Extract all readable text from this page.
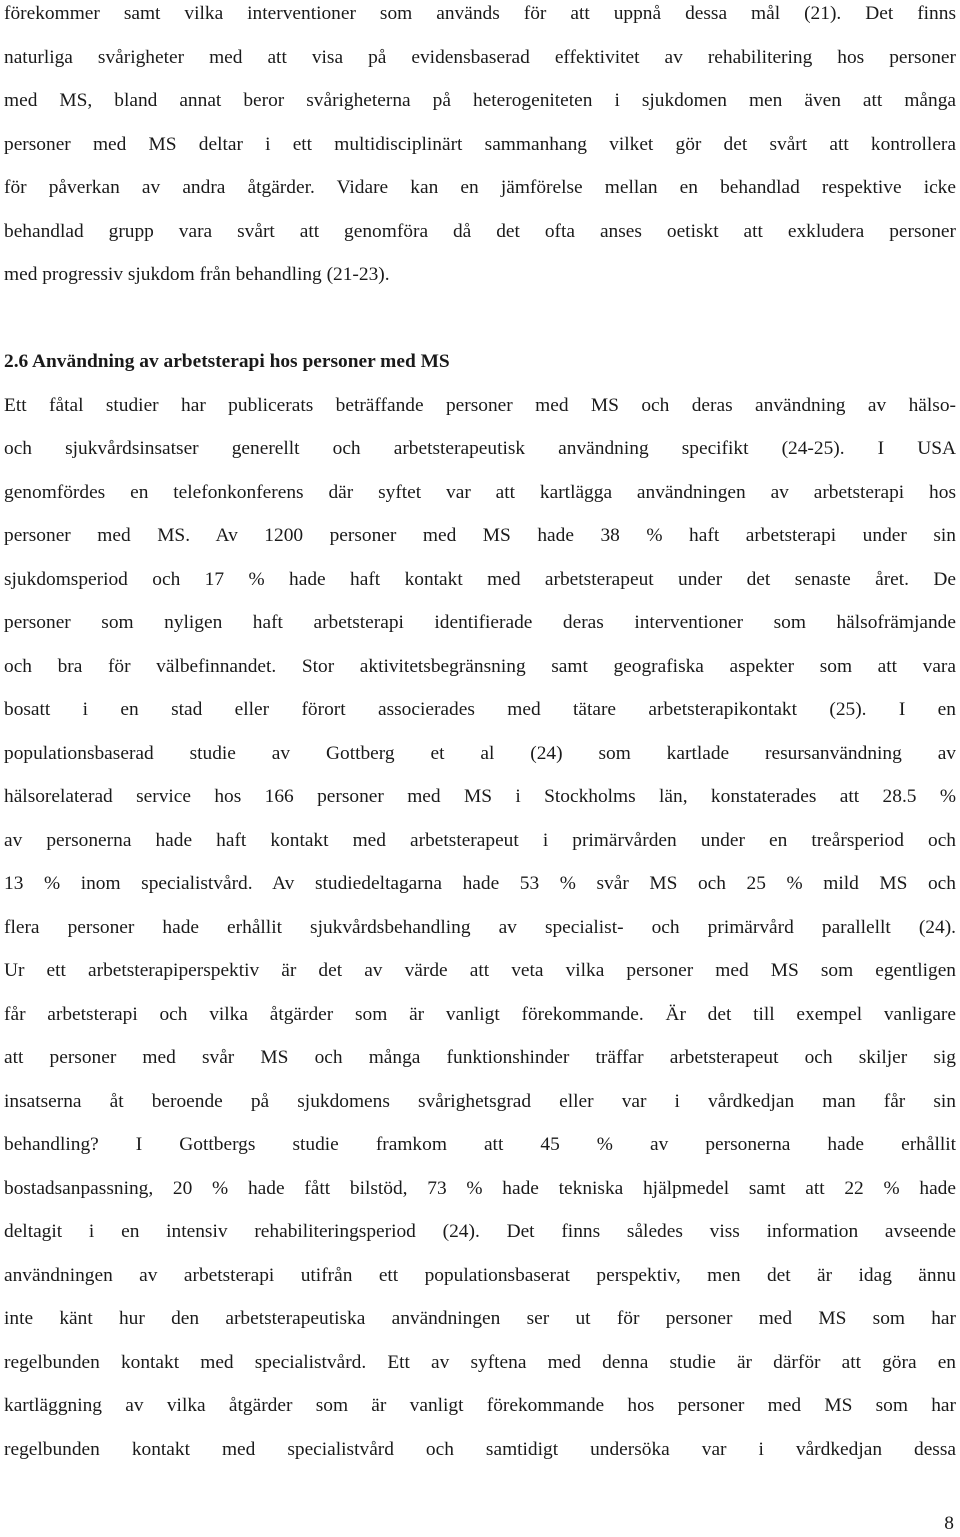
förekommer samt vilka interventioner som används för att uppnå dessa mål (21). Det finns
naturliga svårigheter med att visa på evidensbaserad effektivitet av rehabilitering hos personer
med MS, bland annat beror svårigheterna på heterogeniteten i sjukdomen men även att många
personer med MS deltar i ett multidisciplinärt sammanhang vilket gör det svårt att kontrollera
för påverkan av andra åtgärder. Vidare kan en jämförelse mellan en behandlad respektive icke
behandlad grupp vara svårt att genomföra då det ofta anses oetiskt att exkludera personer
med progressiv sjukdom från behandling (21-23).
2.6 Användning av arbetsterapi hos personer med MS
Ett fåtal studier har publicerats beträffande personer med MS och deras användning av hälso-
och sjukvårdsinsatser generellt och arbetsterapeutisk användning specifikt (24-25). I USA
genomfördes en telefonkonferens där syftet var att kartlägga användningen av arbetsterapi hos
personer med MS. Av 1200 personer med MS hade 38 % haft arbetsterapi under sin
sjukdomsperiod och 17 % hade haft kontakt med arbetsterapeut under det senaste året. De
personer som nyligen haft arbetsterapi identifierade deras interventioner som hälsofrämjande
och bra för välbefinnandet. Stor aktivitetsbegränsning samt geografiska aspekter som att vara
bosatt i en stad eller förort associerades med tätare arbetsterapikontakt (25). I en
populationsbaserad studie av Gottberg et al (24) som kartlade resursanvändning av
hälsorelaterad service hos 166 personer med MS i Stockholms län, konstaterades att 28.5 %
av personerna hade haft kontakt med arbetsterapeut i primärvården under en treårsperiod och
13 % inom specialistvård. Av studiedeltagarna hade 53 % svår MS och 25 % mild MS och
flera personer hade erhållit sjukvårdsbehandling av specialist- och primärvård parallellt (24).
Ur ett arbetsterapiperspektiv är det av värde att veta vilka personer med MS som egentligen
får arbetsterapi och vilka åtgärder som är vanligt förekommande. Är det till exempel vanligare
att personer med svår MS och många funktionshinder träffar arbetsterapeut och skiljer sig
insatserna åt beroende på sjukdomens svårighetsgrad eller var i vårdkedjan man får sin
behandling? I Gottbergs studie framkom att 45 % av personerna hade erhållit
bostadsanpassning, 20 % hade fått bilstöd, 73 % hade tekniska hjälpmedel samt att 22 % hade
deltagit i en intensiv rehabiliteringsperiod (24). Det finns således viss information avseende
användningen av arbetsterapi utifrån ett populationsbaserat perspektiv, men det är idag ännu
inte känt hur den arbetsterapeutiska användningen ser ut för personer med MS som har
regelbunden kontakt med specialistvård. Ett av syftena med denna studie är därför att göra en
kartläggning av vilka åtgärder som är vanligt förekommande hos personer med MS som har
regelbunden kontakt med specialistvård och samtidigt undersöka var i vårdkedjan dessa
8
